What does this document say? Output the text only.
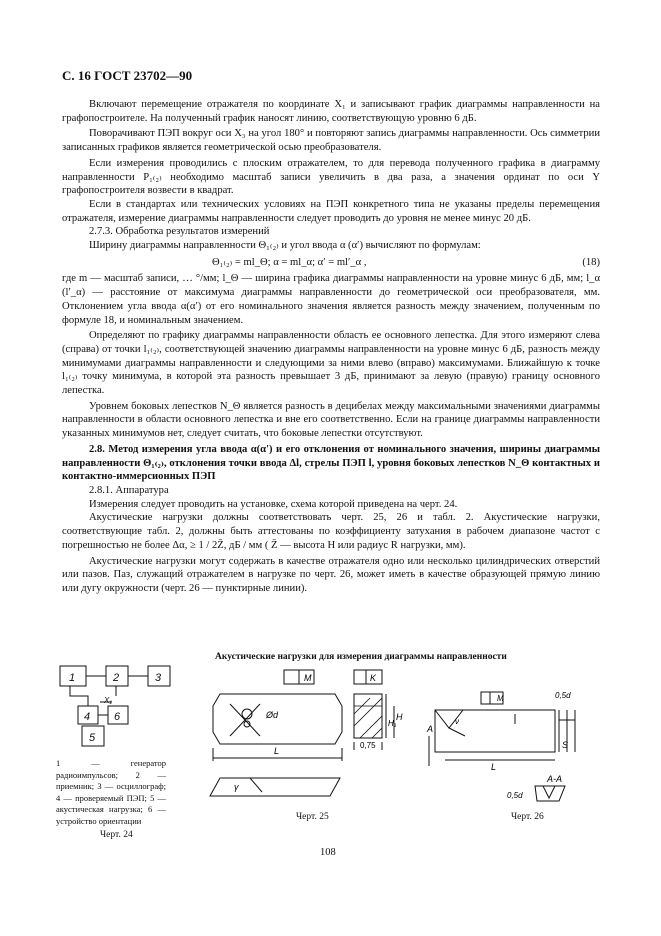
С. 16 ГОСТ 23702—90

Включают перемещение отражателя по координате X₁ и записывают график диаграммы направленности на графопостроителе. На полученный график наносят линию, соответствующую уровню 6 дБ.

Поворачивают ПЭП вокруг оси X₃ на угол 180° и повторяют запись диаграммы направленности. Ось симметрии записанных графиков является геометрической осью преобразователя.

Если измерения проводились с плоским отражателем, то для перевода полученного графика в диаграмму направленности P₁₍₂₎ необходимо масштаб записи увеличить в два раза, а значения ординат по оси Y графопостроителя возвести в квадрат.

Если в стандартах или технических условиях на ПЭП конкретного типа не указаны пределы перемещения отражателя, измерение диаграммы направленности следует проводить до уровня не менее минус 20 дБ.

2.7.3. Обработка результатов измерений

Ширину диаграммы направленности Θ₁₍₂₎ и угол ввода α (α′) вычисляют по формулам:

Θ₁₍₂₎ = ml_Θ; α = ml_α; α′ = ml′_α ,	(18)

где m — масштаб записи, … °/мм; l_Θ — ширина графика диаграммы направленности на уровне минус 6 дБ, мм; l_α (l′_α) — расстояние от максимума диаграммы направленности до геометрической оси преобразователя, мм. Отклонением угла ввода α(α′) от его номинального значения является разность между значением, полученным по формуле 18, и номинальным значением.

Определяют по графику диаграммы направленности область ее основного лепестка. Для этого измеряют слева (справа) от точки l₁₍₂₎, соответствующей значению диаграммы направленности на уровне минус 6 дБ, разность между минимумами диаграммы направленности и следующими за ними влево (вправо) максимумами. Ближайшую к точке l₁₍₂₎ точку минимума, в которой эта разность превышает 3 дБ, принимают за левую (правую) границу основного лепестка.

Уровнем боковых лепестков N_Θ является разность в децибелах между максимальными значениями диаграммы направленности в области основного лепестка и вне его соответственно. Если на границе диаграммы направленности указанных минимумов нет, следует считать, что боковые лепестки отсутствуют.

2.8. Метод измерения угла ввода α(α′) и его отклонения от номинального значения, ширины диаграммы направленности Θ₁₍₂₎, отклонения точки ввода Δl, стрелы ПЭП l, уровня боковых лепестков N_Θ контактных и контактно-иммерсионных ПЭП

2.8.1. Аппаратура

Измерения следует проводить на установке, схема которой приведена на черт. 24.

Акустические нагрузки должны соответствовать черт. 25, 26 и табл. 2. Акустические нагрузки, соответствующие табл. 2, должны быть аттестованы по коэффициенту затухания в рабочем диапазоне частот с погрешностью не более Δα, ≥ 1 / 2Z̄, дБ / мм ( Z̄ — высота H или радиус R нагрузки, мм).

Акустические нагрузки могут содержать в качестве отражателя одно или несколько цилиндрических отверстий или пазов. Паз, служащий отражателем в нагрузке по черт. 26, может иметь в качестве образующей прямую линию или дугу окружности (черт. 26 — пунктирные линии).

Акустические нагрузки для измерения диаграммы направленности
1	2	3
4 6
X₁
5
1 — генератор радиоимпульсов; 2 — приемник; 3 — осциллограф; 4 — проверяемый ПЭП; 5 — акустическая нагрузка; 6 — устройство ориентации
Черт. 24
Ød
M
L
γ
K
H
H₁
0,75
Черт. 25
0,5d
M
L
S
A-A
A
ν
0,5d
Черт. 26
108
